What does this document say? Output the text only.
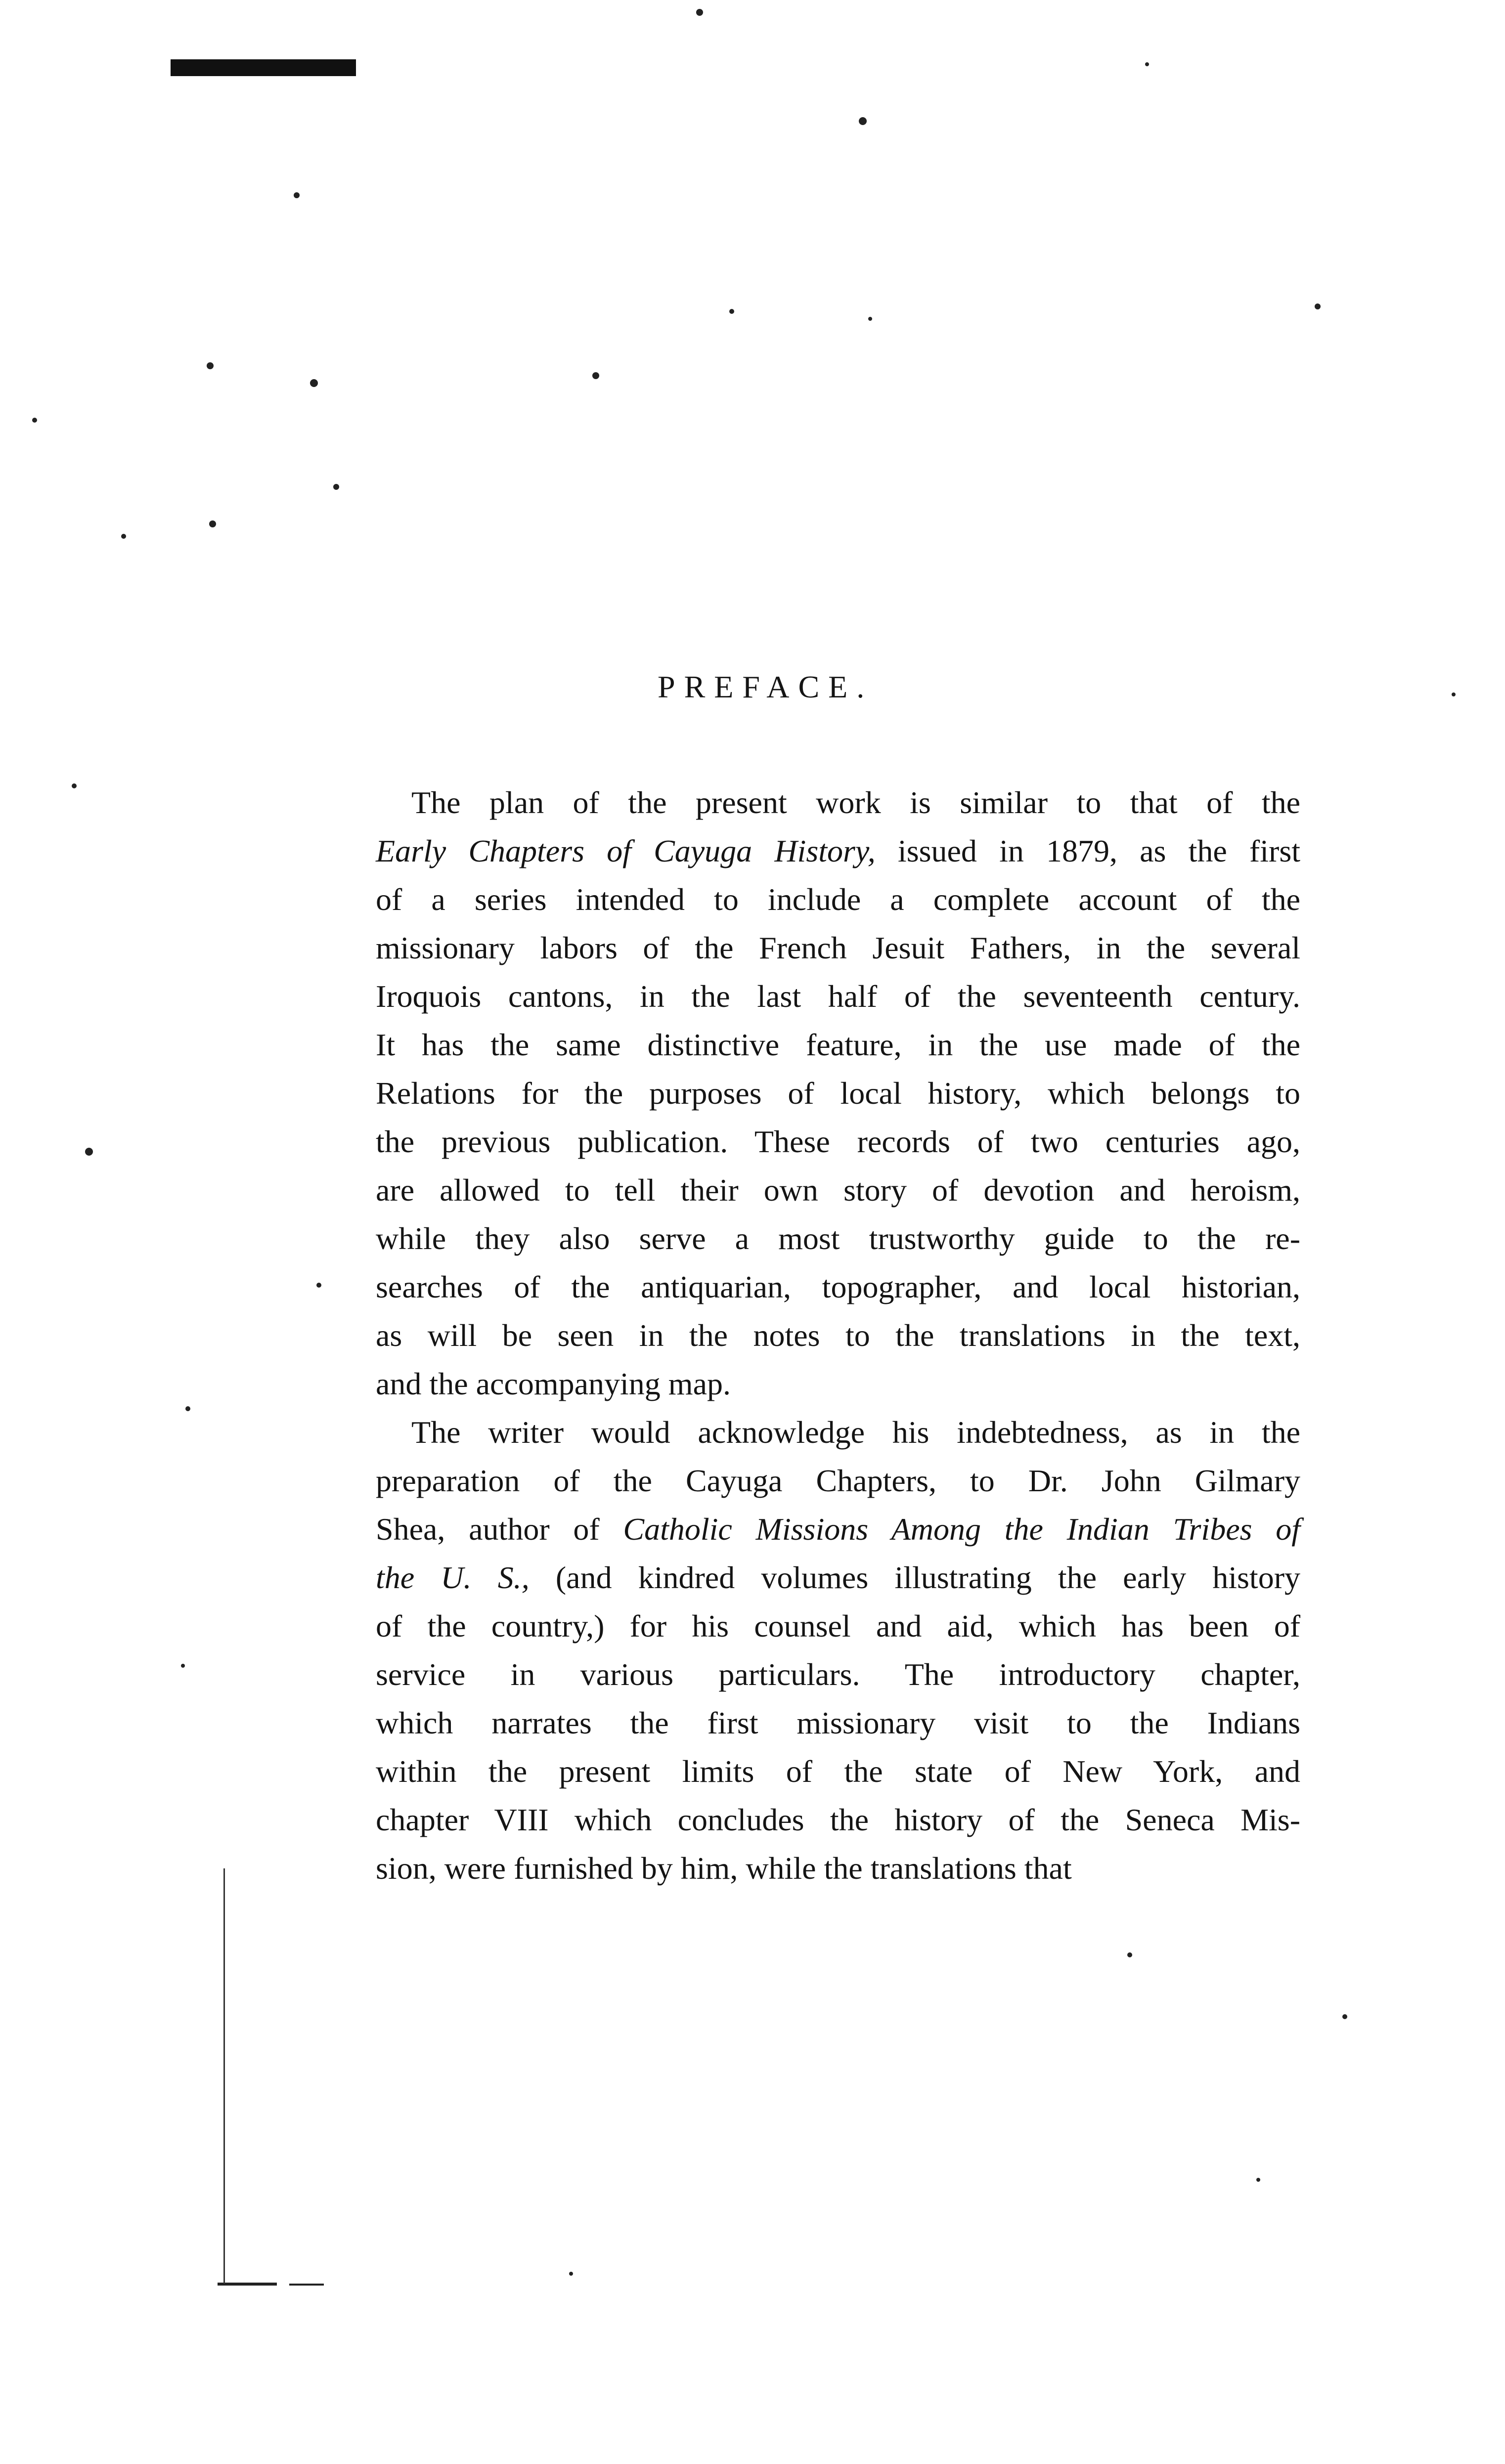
PREFACE.
The plan of the present work is similar to that of the
Early Chapters of Cayuga History, issued in 1879, as the first
of a series intended to include a complete account of the
missionary labors of the French Jesuit Fathers, in the several
Iroquois cantons, in the last half of the seventeenth century.
It has the same distinctive feature, in the use made of the
Relations for the purposes of local history, which belongs to
the previous publication. These records of two centuries ago,
are allowed to tell their own story of devotion and heroism,
while they also serve a most trustworthy guide to the re-
searches of the antiquarian, topographer, and local historian,
as will be seen in the notes to the translations in the text,
and the accompanying map.
The writer would acknowledge his indebtedness, as in the
preparation of the Cayuga Chapters, to Dr. John Gilmary
Shea, author of Catholic Missions Among the Indian Tribes of
the U. S., (and kindred volumes illustrating the early history
of the country,) for his counsel and aid, which has been of
service in various particulars. The introductory chapter,
which narrates the first missionary visit to the Indians
within the present limits of the state of New York, and
chapter VIII which concludes the history of the Seneca Mis-
sion, were furnished by him, while the translations that
